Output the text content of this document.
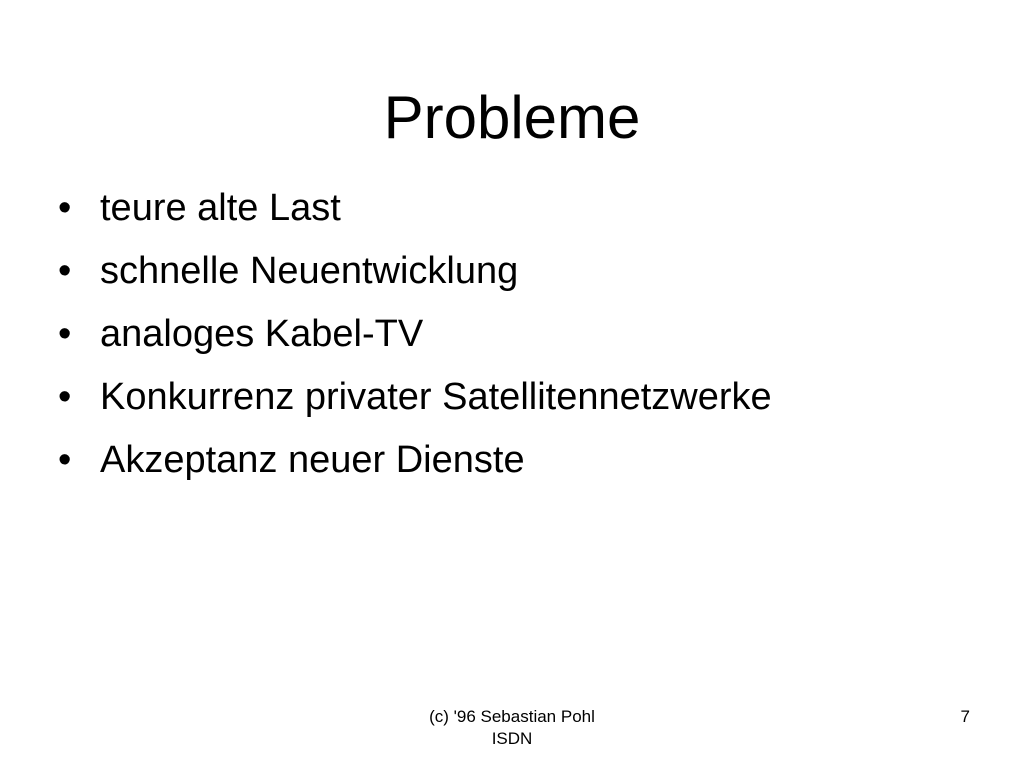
Probleme
• teure alte Last
• schnelle Neuentwicklung
• analoges Kabel-TV
• Konkurrenz privater Satellitennetzwerke
• Akzeptanz neuer Dienste
(c) '96 Sebastian Pohl
ISDN
7
